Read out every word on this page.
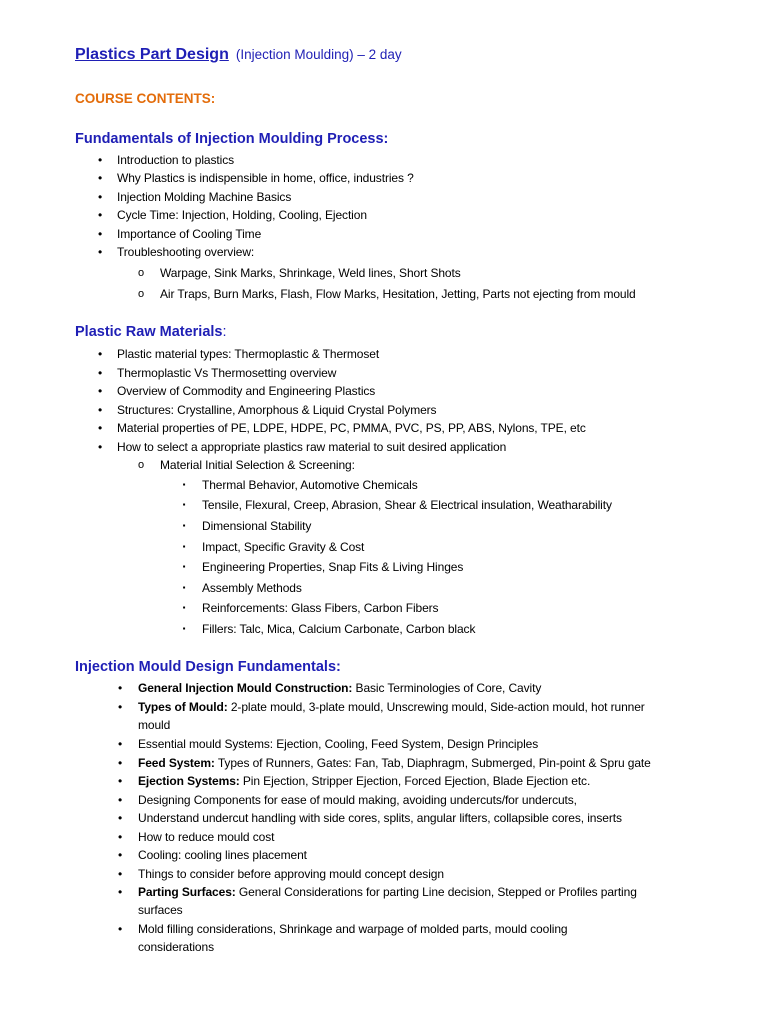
Plastics Part Design (Injection Moulding) – 2 day
COURSE CONTENTS:
Fundamentals of Injection Moulding Process:
•	Introduction to plastics
•	Why Plastics is indispensible in home, office, industries ?
•	Injection Molding Machine Basics
•	Cycle Time: Injection, Holding, Cooling, Ejection
•	Importance of Cooling Time
•	Troubleshooting overview:
o	Warpage, Sink Marks, Shrinkage, Weld lines, Short Shots
o	Air Traps, Burn Marks, Flash, Flow Marks, Hesitation, Jetting, Parts not ejecting from mould
Plastic Raw Materials:
•	Plastic material types: Thermoplastic & Thermoset
•	Thermoplastic Vs Thermosetting overview
•	Overview of Commodity and Engineering Plastics
•	Structures: Crystalline, Amorphous & Liquid Crystal Polymers
•	Material properties of PE, LDPE, HDPE, PC, PMMA, PVC, PS, PP, ABS, Nylons, TPE, etc
•	How to select a appropriate plastics raw material to suit desired application
o	Material Initial Selection & Screening:
▪	Thermal Behavior, Automotive Chemicals
▪	Tensile, Flexural, Creep, Abrasion, Shear & Electrical insulation, Weatharability
▪	Dimensional Stability
▪	Impact, Specific Gravity & Cost
▪	Engineering Properties, Snap Fits & Living Hinges
▪	Assembly Methods
▪	Reinforcements: Glass Fibers, Carbon Fibers
▪	Fillers: Talc, Mica, Calcium Carbonate, Carbon black
Injection Mould Design Fundamentals:
•	General Injection Mould Construction: Basic Terminologies of Core, Cavity
•	Types of Mould: 2-plate mould, 3-plate mould, Unscrewing mould, Side-action mould, hot runner mould
•	Essential mould Systems: Ejection, Cooling, Feed System, Design Principles
•	Feed System: Types of Runners, Gates: Fan, Tab, Diaphragm, Submerged, Pin-point & Spru gate
•	Ejection Systems: Pin Ejection, Stripper Ejection, Forced Ejection, Blade Ejection etc.
•	Designing Components for ease of mould making, avoiding undercuts/for undercuts,
•	Understand undercut handling with side cores, splits, angular lifters, collapsible cores, inserts
•	How to reduce mould cost
•	Cooling: cooling lines placement
•	Things to consider before approving mould concept design
•	Parting Surfaces: General Considerations for parting Line decision, Stepped or Profiles parting surfaces
•	Mold filling considerations, Shrinkage and warpage of molded parts, mould cooling considerations
